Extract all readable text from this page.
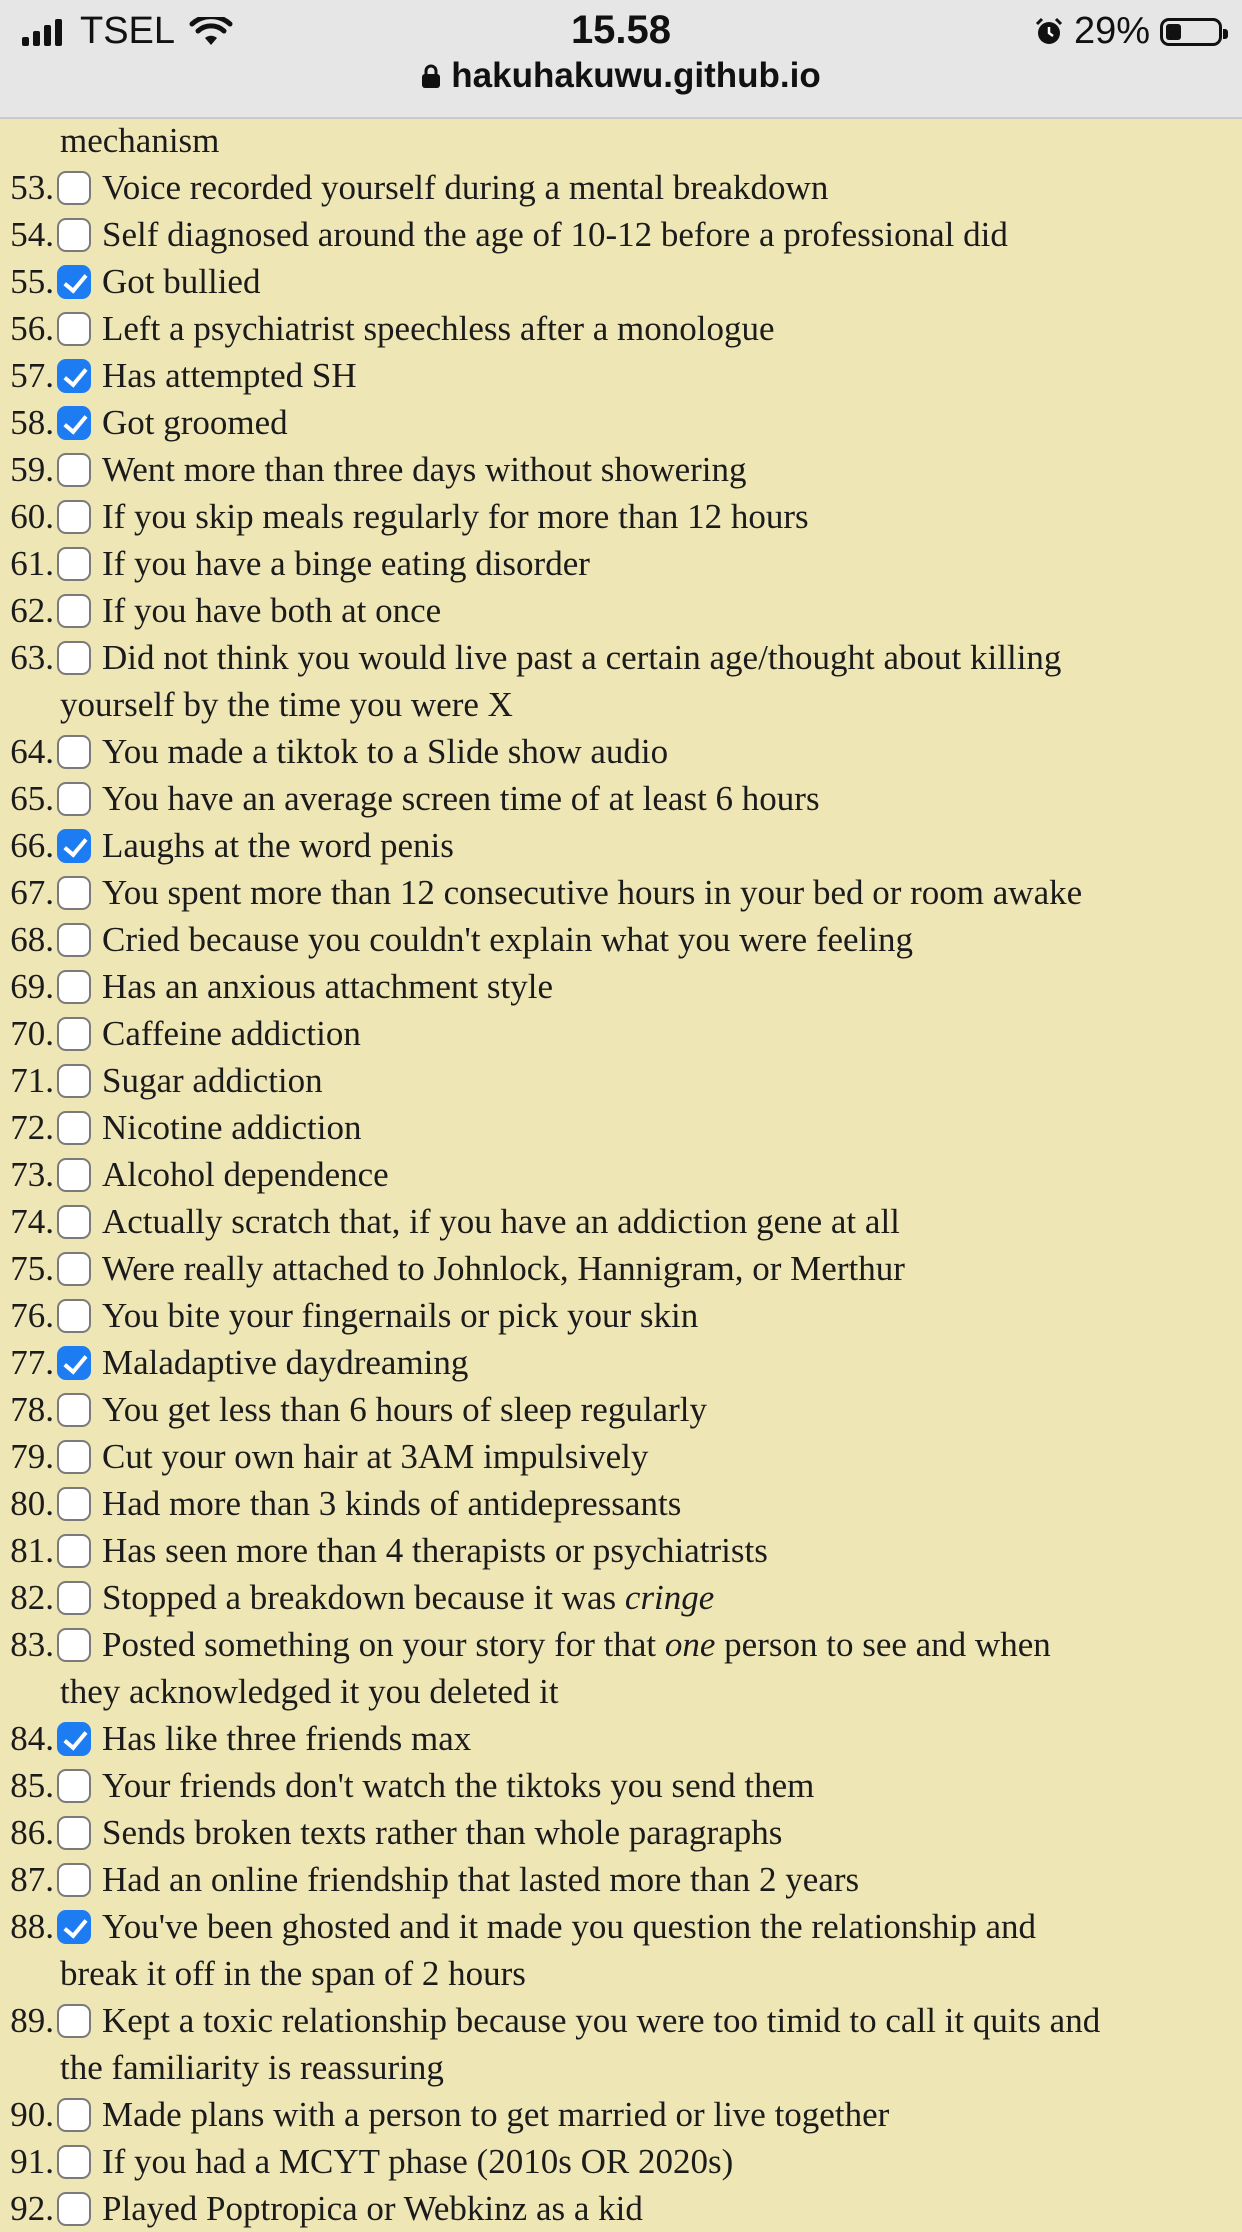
TSEL	15.58	29%
hakuhakuwu.github.io
mechanism
53.	Voice recorded yourself during a mental breakdown
54.	Self diagnosed around the age of 10-12 before a professional did
55.	Got bullied
56.	Left a psychiatrist speechless after a monologue
57.	Has attempted SH
58.	Got groomed
59.	Went more than three days without showering
60.	If you skip meals regularly for more than 12 hours
61.	If you have a binge eating disorder
62.	If you have both at once
63.	Did not think you would live past a certain age/thought about killing
yourself by the time you were X
64.	You made a tiktok to a Slide show audio
65.	You have an average screen time of at least 6 hours
66.	Laughs at the word penis
67.	You spent more than 12 consecutive hours in your bed or room awake
68.	Cried because you couldn't explain what you were feeling
69.	Has an anxious attachment style
70.	Caffeine addiction
71.	Sugar addiction
72.	Nicotine addiction
73.	Alcohol dependence
74.	Actually scratch that, if you have an addiction gene at all
75.	Were really attached to Johnlock, Hannigram, or Merthur
76.	You bite your fingernails or pick your skin
77.	Maladaptive daydreaming
78.	You get less than 6 hours of sleep regularly
79.	Cut your own hair at 3AM impulsively
80.	Had more than 3 kinds of antidepressants
81.	Has seen more than 4 therapists or psychiatrists
82.	Stopped a breakdown because it was cringe
83.	Posted something on your story for that one person to see and when
they acknowledged it you deleted it
84.	Has like three friends max
85.	Your friends don't watch the tiktoks you send them
86.	Sends broken texts rather than whole paragraphs
87.	Had an online friendship that lasted more than 2 years
88.	You've been ghosted and it made you question the relationship and
break it off in the span of 2 hours
89.	Kept a toxic relationship because you were too timid to call it quits and
the familiarity is reassuring
90.	Made plans with a person to get married or live together
91.	If you had a MCYT phase (2010s OR 2020s)
92.	Played Poptropica or Webkinz as a kid
